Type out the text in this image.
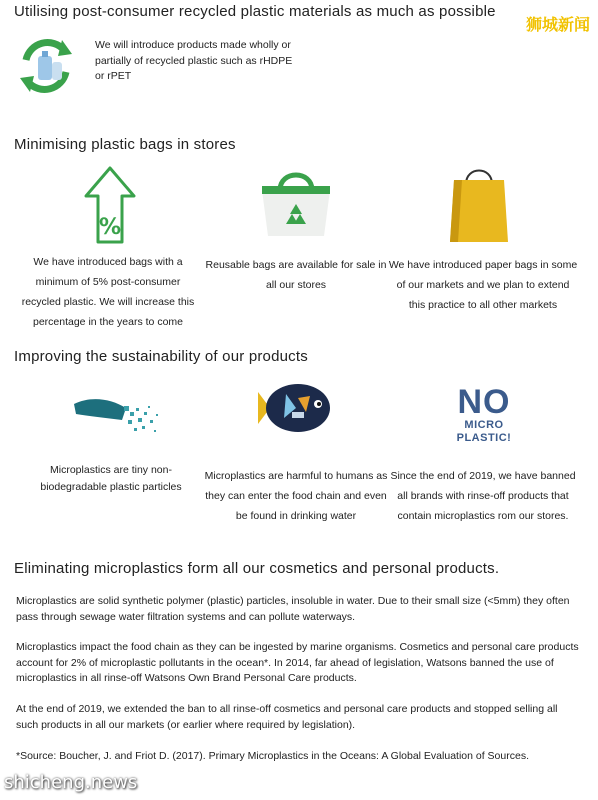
Utilising post-consumer recycled plastic materials as much as possible
We will introduce products made wholly or partially of recycled plastic such as rHDPE or rPET
Minimising plastic bags in stores
%
We have introduced bags with a minimum of 5% post-consumer recycled plastic. We will increase this percentage in the years to come
Reusable bags are available for sale in all our stores
We have introduced paper bags in some of our markets and we plan to extend this practice to all other markets
Improving the sustainability of our products
NO
MICRO
PLASTIC!
Microplastics are tiny non-biodegradable plastic particles
Microplastics are harmful to humans as they can enter the food chain and even be found in drinking water
Since the end of 2019, we have banned all brands with rinse-off products that contain microplastics rom our stores.
Eliminating microplastics form all our cosmetics and personal products.
Microplastics are solid synthetic polymer (plastic) particles, insoluble in water. Due to their small size (<5mm) they often pass through sewage water filtration systems and can pollute waterways.
Microplastics impact the food chain as they can be ingested by marine organisms. Cosmetics and personal care products account for 2% of microplastic pollutants in the ocean*. In 2014, far ahead of legislation, Watsons banned the use of microplastics in all rinse-off Watsons Own Brand Personal Care products.
At the end of 2019, we extended the ban to all rinse-off cosmetics and personal care products and stopped selling all such products in all our markets (or earlier where required by legislation).
*Source: Boucher, J. and Friot D. (2017). Primary Microplastics in the Oceans: A Global Evaluation of Sources.
狮城新闻
shicheng.news
